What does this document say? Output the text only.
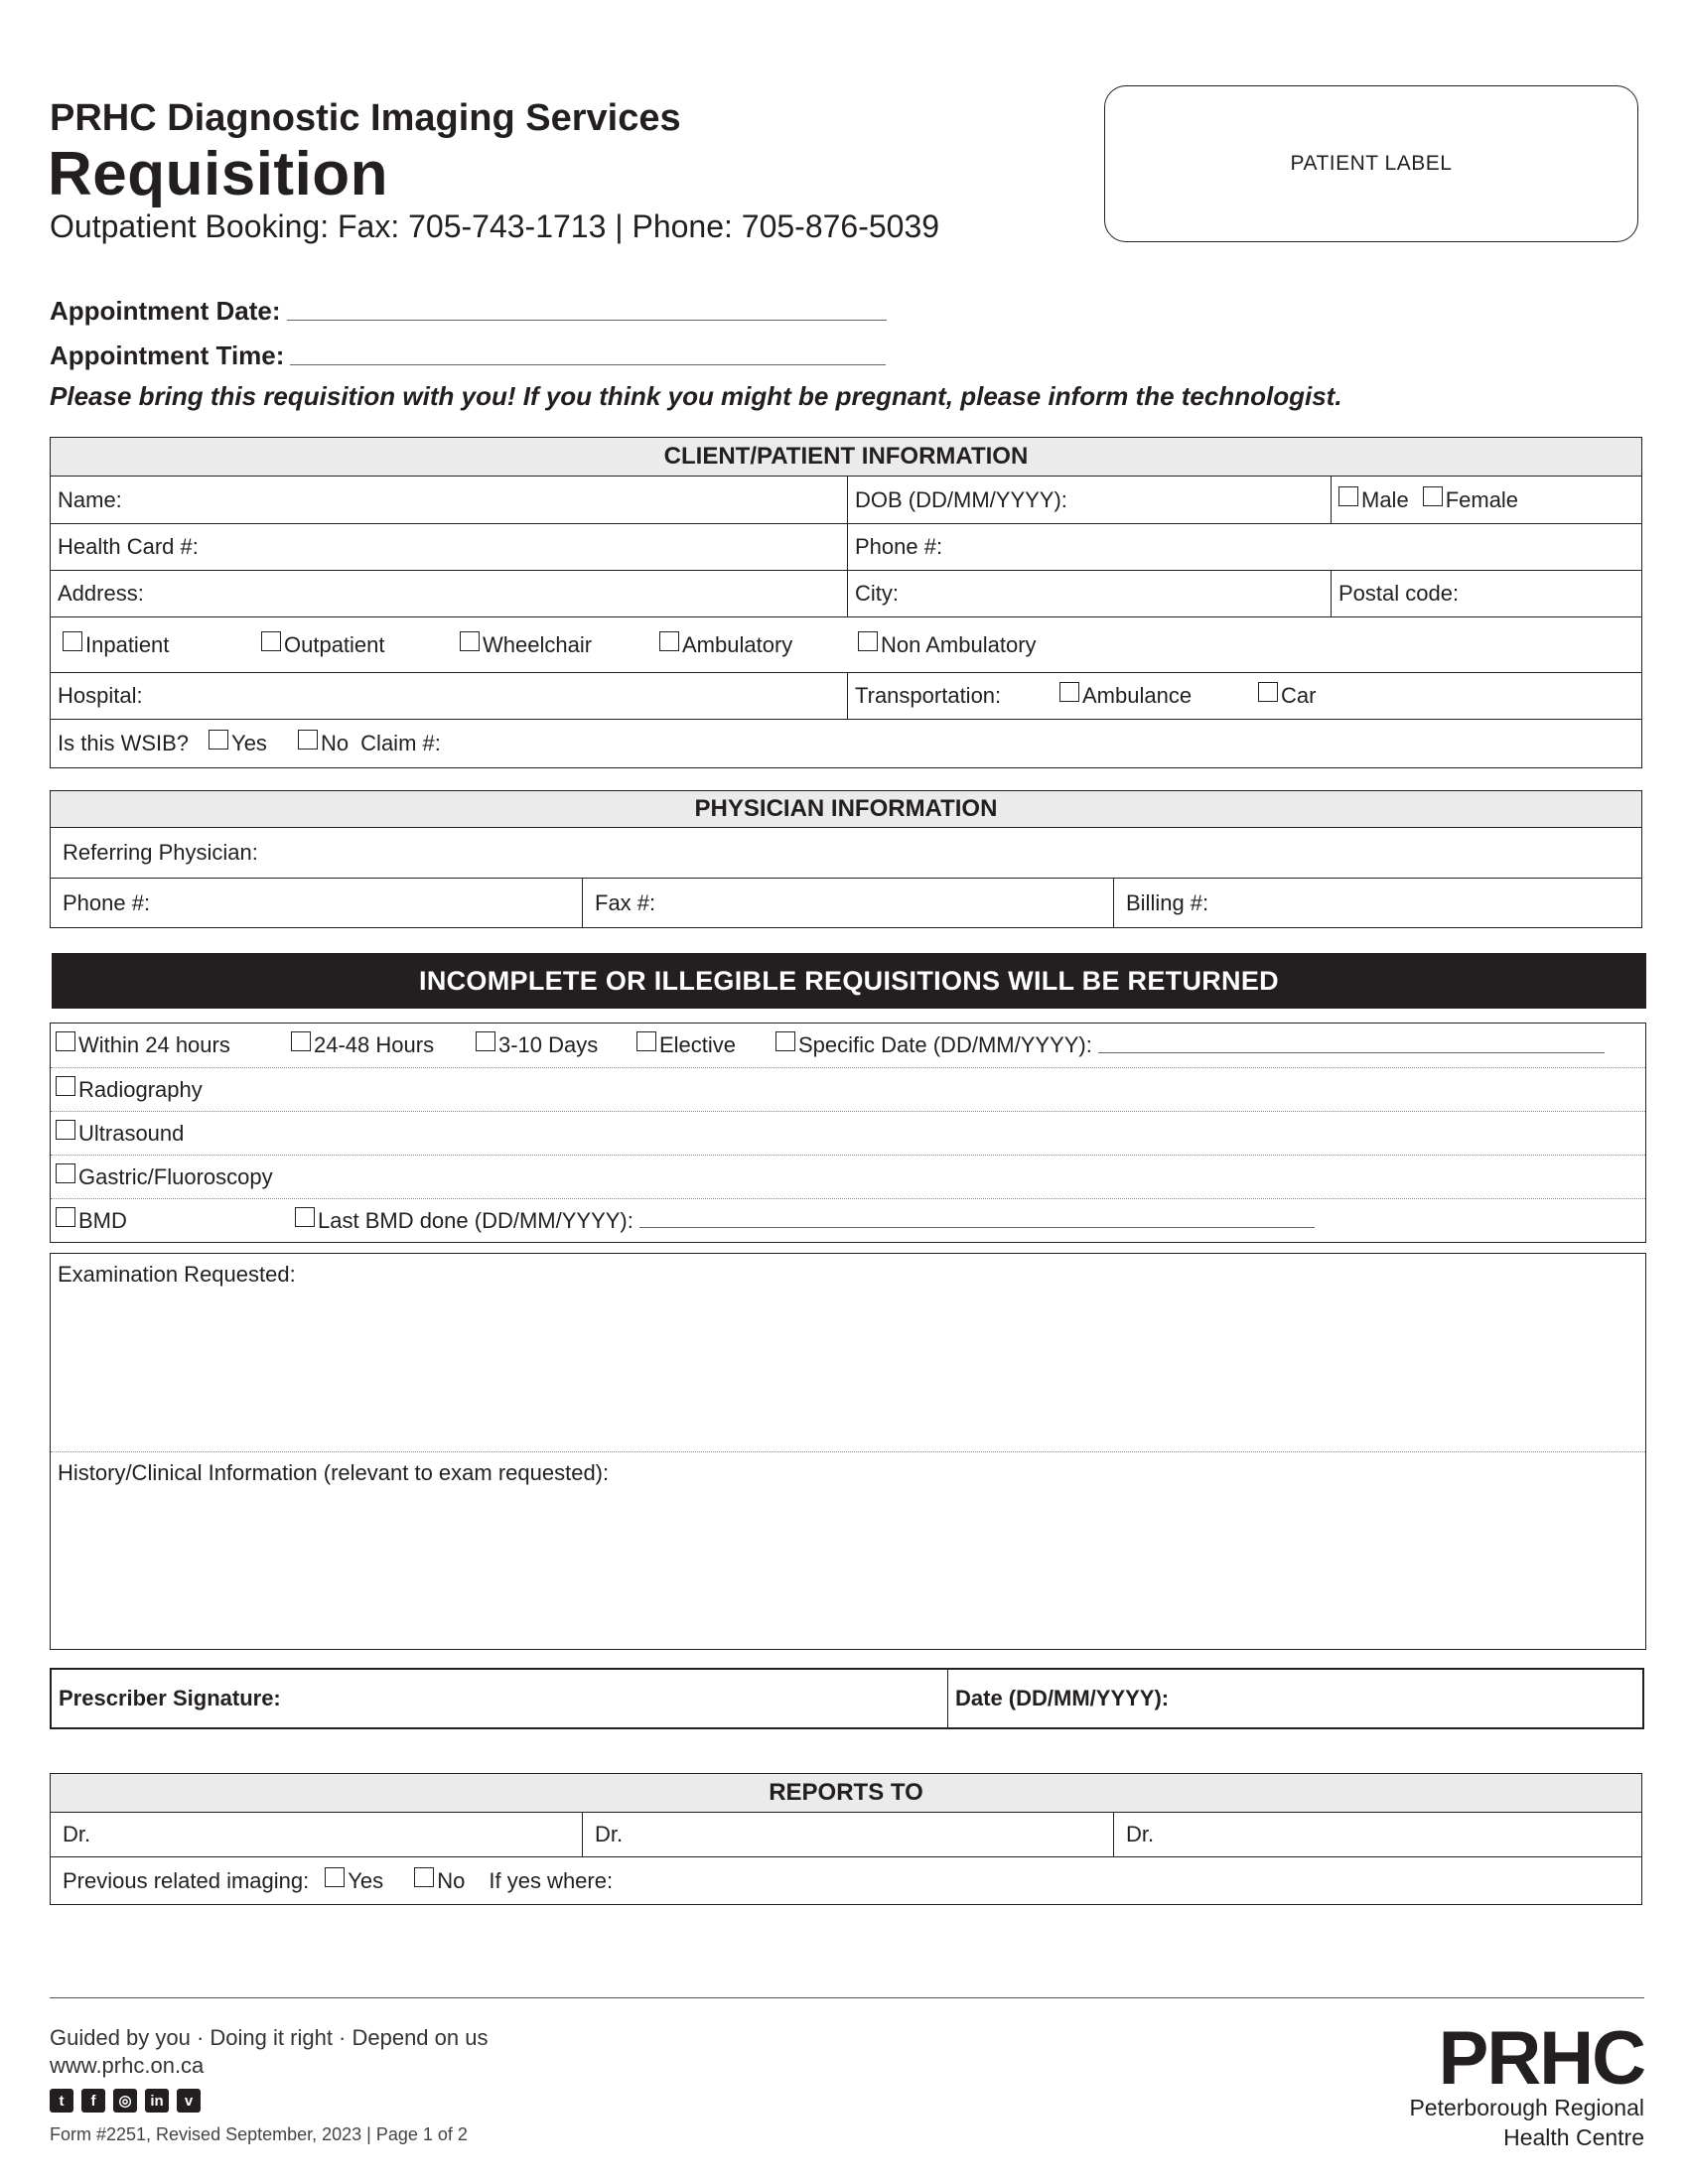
PRHC Diagnostic Imaging Services
Requisition
Outpatient Booking: Fax: 705-743-1713 | Phone: 705-876-5039
PATIENT LABEL
Appointment Date:
Appointment Time:
Please bring this requisition with you! If you think you might be pregnant, please inform the technologist.
CLIENT/PATIENT INFORMATION
Name:	DOB (DD/MM/YYYY):	Male Female
Health Card #:	Phone #:
Address:	City:	Postal code:
Inpatient	Outpatient	Wheelchair	Ambulatory	Non Ambulatory
Hospital:	Transportation:	Ambulance	Car
Is this WSIB? Yes No Claim #:
PHYSICIAN INFORMATION
Referring Physician:
Phone #:	Fax #:	Billing #:
INCOMPLETE OR ILLEGIBLE REQUISITIONS WILL BE RETURNED
Within 24 hours	24-48 Hours	3-10 Days	Elective	Specific Date (DD/MM/YYYY):
Radiography
Ultrasound
Gastric/Fluoroscopy
BMD	Last BMD done (DD/MM/YYYY):
Examination Requested:
History/Clinical Information (relevant to exam requested):
Prescriber Signature:	Date (DD/MM/YYYY):
REPORTS TO
Dr.	Dr.	Dr.
Previous related imaging: Yes No If yes where:
Guided by you · Doing it right · Depend on us
www.prhc.on.ca
t	f	◎	in	v
Form #2251, Revised September, 2023 | Page 1 of 2
PRHC
Peterborough Regional
Health Centre
